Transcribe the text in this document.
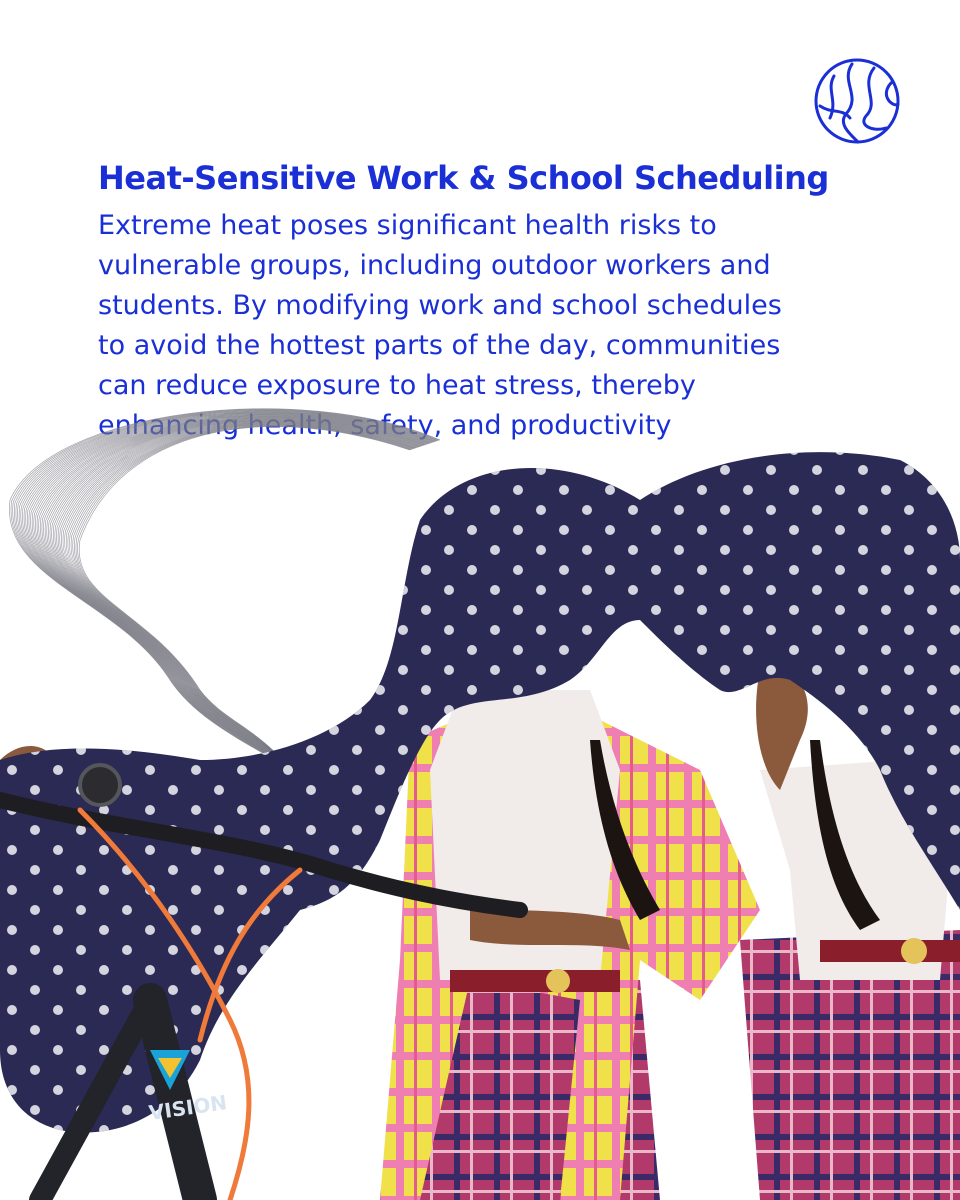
Heat-Sensitive Work & School Scheduling

Extreme heat poses significant health risks to
vulnerable groups, including outdoor workers and
students. By modifying work and school schedules
to avoid the hottest parts of the day, communities
can reduce exposure to heat stress, thereby
enhancing health, safety, and productivity

VISION
